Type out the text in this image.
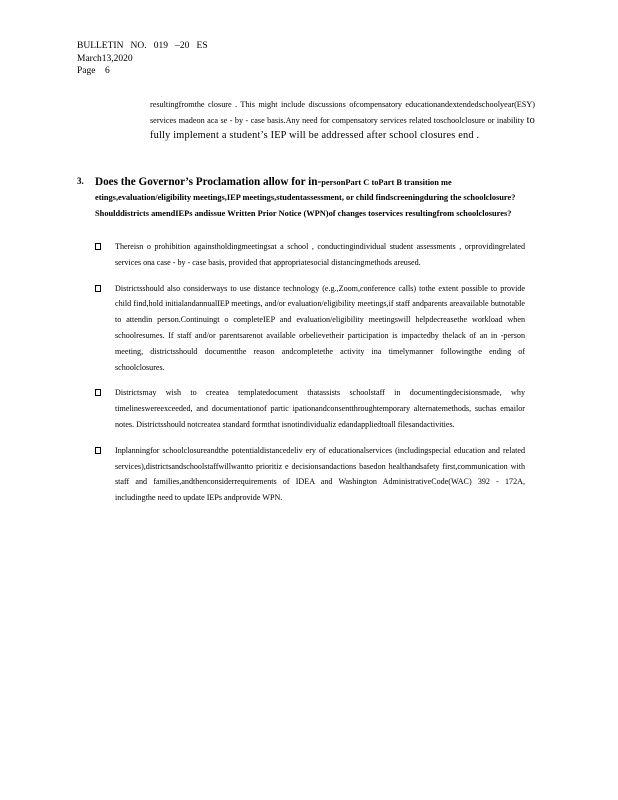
BULLETIN   NO.   019   –20   ES
March13,2020
Page    6
resultingfromthe closure . This might include discussions ofcompensatory educationandextendedschoolyear(ESY) services madeon aca se - by - case basis.Any need for compensatory services related toschoolclosure or inability to fully implement a student’s IEP will be addressed after school closures end .
3. Does the Governor’s Proclamation allow for in-personPart C toPart B transition me etings,evaluation/eligibility meetings,IEP meetings,studentassessment, or child findscreeningduring the schoolclosure?Shoulddistricts amendIEPs andissue Written Prior Notice (WPN)of changes toservices resultingfrom schoolclosures?
Thereisn o prohibition againstholdingmeetingsat a school , conductingindividual student assessments , orprovidingrelated services ona case - by - case basis, provided that appropriatesocial distancingmethods areused.
Districtsshould also considerways to use distance technology (e.g.,Zoom,conference calls) tothe extent possible to provide child find,hold initialandannualIEP meetings, and/or evaluation/eligibility meetings,if staff andparents areavailable butnotable to attendin person.Continuingt o completeIEP and evaluation/eligibility meetingswill helpdecreasethe workload when schoolresumes. If staff and/or parentsarenot available orbelievetheir participation is impactedby thelack of an in -person meeting, districtsshould documentthe reason andcompletethe activity ina timelymanner followingthe ending of schoolclosures.
Districtsmay wish to createa templatedocument thatassists schoolstaff in documentingdecisionsmade, why timelineswereexceeded, and documentationof partic ipationandconsentthroughtemporary alternatemethods, suchas emailor notes. Districtsshould notcreatea standard formthat isnotindividualiz edandappliedtoall filesandactivities.
Inplanningfor schoolclosureandthe potentialdistancedeliv ery of educationalservices (includingspecial education and related services),districtsandschoolstaffwillwantto prioritiz e decisionsandactions basedon healthandsafety first,communication with staff and families,andthenconsiderrequirements of IDEA and Washington AdministrativeCode(WAC) 392 - 172A, includingthe need to update IEPs andprovide WPN.
